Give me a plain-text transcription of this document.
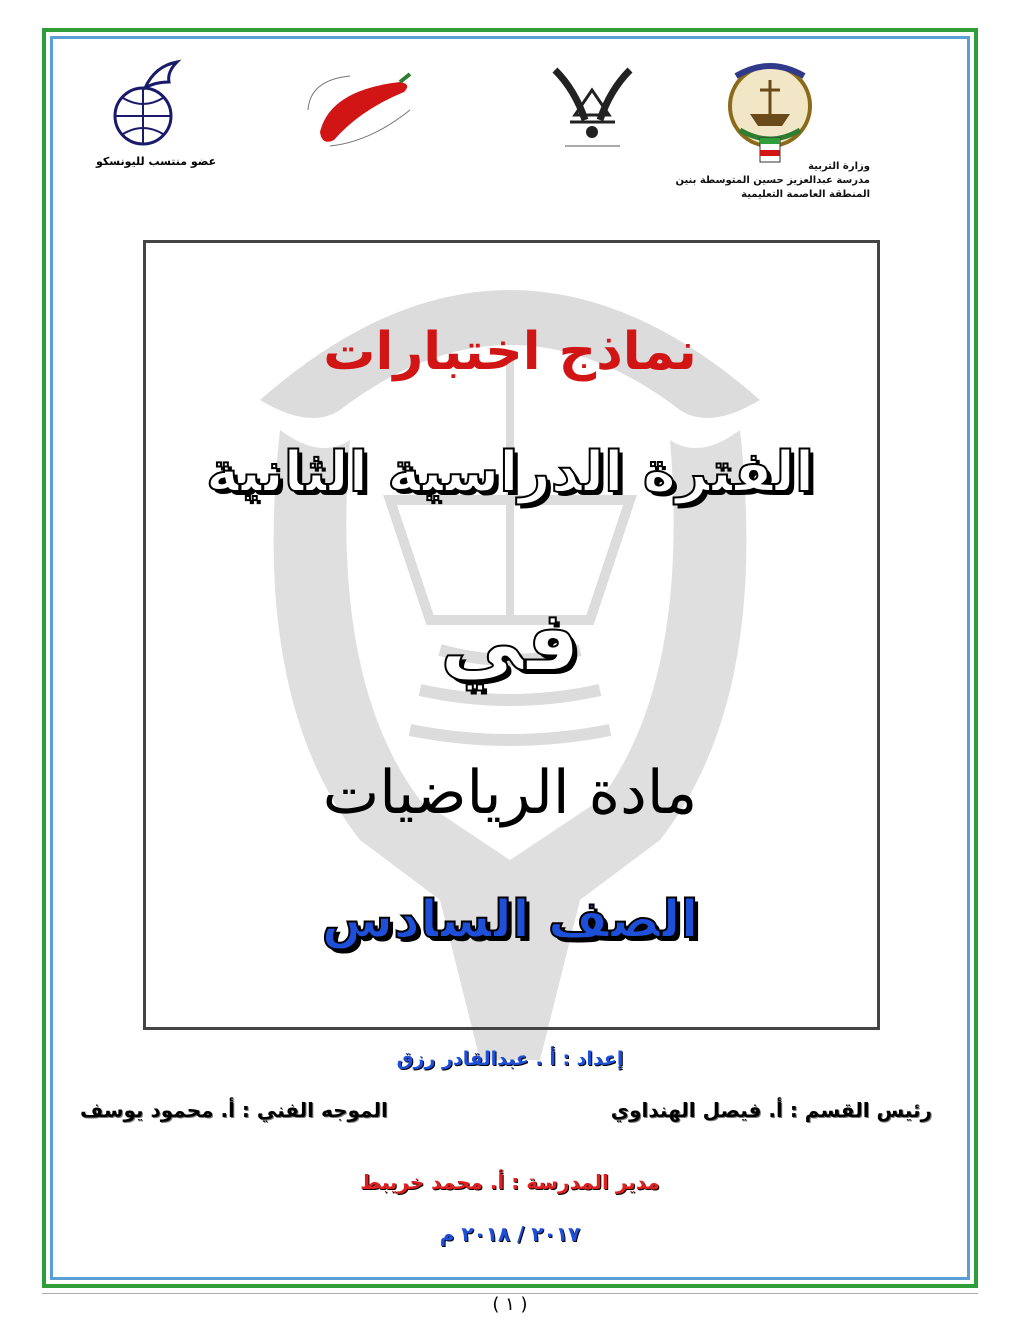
عضو منتسب لليونسكو	وزارة التربية
مدرسة عبدالعزيز حسين المتوسطة بنين
المنطقة العاصمة التعليمية
نماذج اختبارات
الفترة الدراسية الثانية
في
مادة الرياضيات
الصف السادس
إعداد : أ . عبدالقادر رزق
رئيس القسم : أ. فيصل الهنداوي
الموجه الفني : أ. محمود يوسف
مدير المدرسة : أ. محمد خريبط
٢٠١٧ / ٢٠١٨ م
( ١ )
